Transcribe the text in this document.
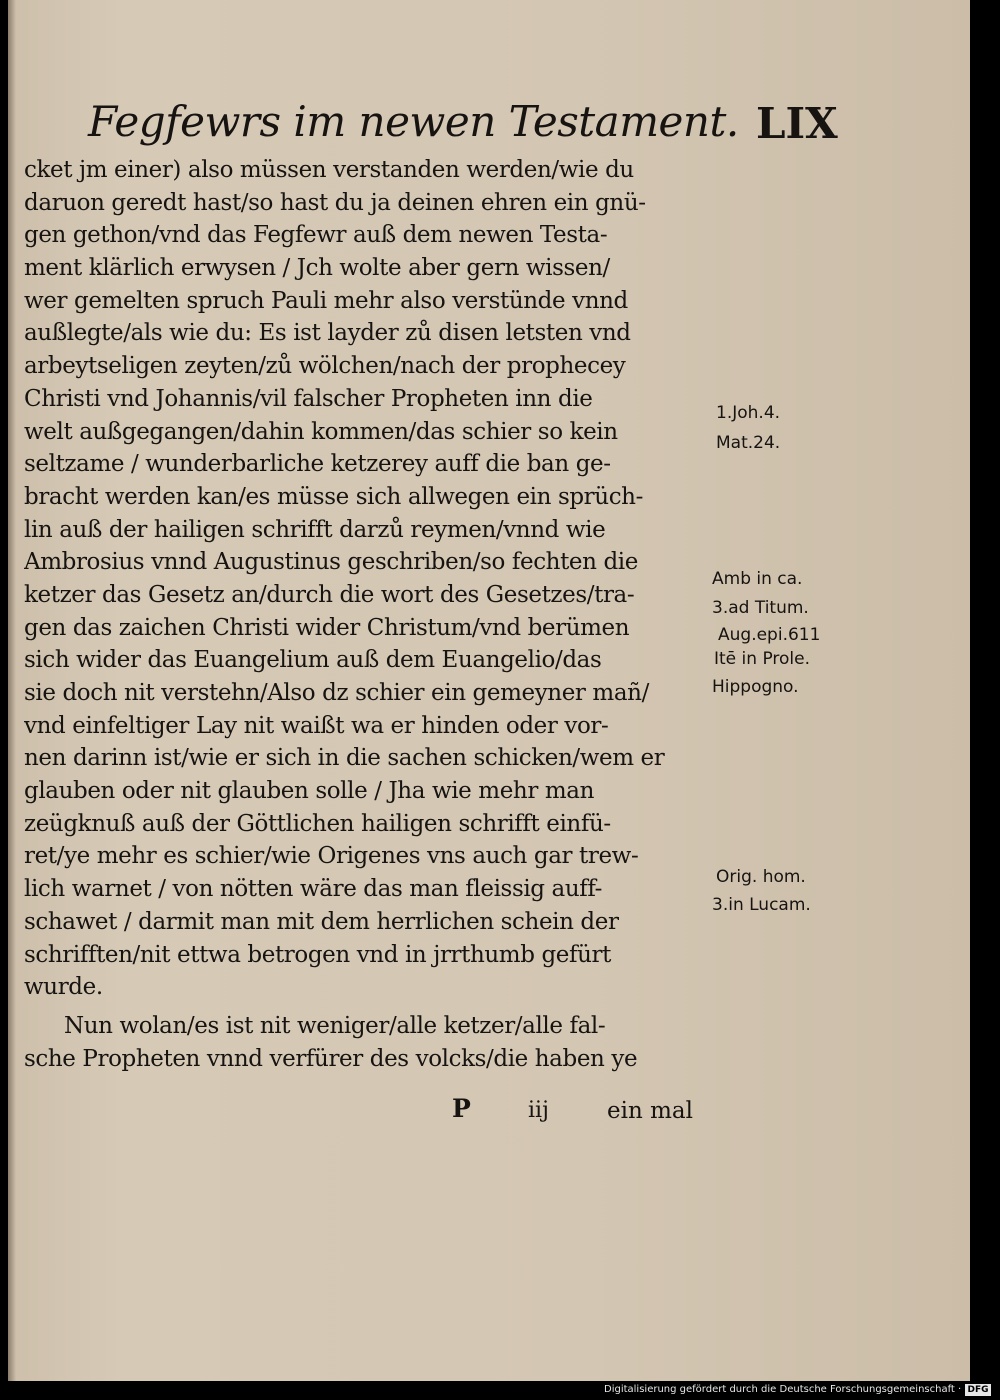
Fegfewrs im newen Testament. LIX
cket jm einer) also müssen verstanden werden/wie du
daruon geredt hast/so hast du ja deinen ehren ein gnü-
gen gethon/vnd das Fegfewr auß dem newen Testa-
ment klärlich erwysen / Jch wolte aber gern wissen/
wer gemelten spruch Pauli mehr also verstünde vnnd
außlegte/als wie du: Es ist layder zů disen letsten vnd
arbeytseligen zeyten/zů wölchen/nach der prophecey
Christi vnd Johannis/vil falscher Propheten inn die
welt außgegangen/dahin kommen/das schier so kein
seltzame / wunderbarliche ketzerey auff die ban ge-
bracht werden kan/es müsse sich allwegen ein sprüch-
lin auß der hailigen schrifft darzů reymen/vnnd wie
Ambrosius vnnd Augustinus geschriben/so fechten die
ketzer das Gesetz an/durch die wort des Gesetzes/tra-
gen das zaichen Christi wider Christum/vnd berümen
sich wider das Euangelium auß dem Euangelio/das
sie doch nit verstehn/Also dz schier ein gemeyner mañ/
vnd einfeltiger Lay nit waißt wa er hinden oder vor-
nen darinn ist/wie er sich in die sachen schicken/wem er
glauben oder nit glauben solle / Jha wie mehr man
zeügknuß auß der Göttlichen hailigen schrifft einfü-
ret/ye mehr es schier/wie Origenes vns auch gar trew-
lich warnet / von nötten wäre das man fleissig auff-
schawet / darmit man mit dem herrlichen schein der
schrifften/nit ettwa betrogen vnd in jrrthumb gefürt
wurde.
Nun wolan/es ist nit weniger/alle ketzer/alle fal-
sche Propheten vnnd verfürer des volcks/die haben ye
P	iij	ein mal
1.Joh.4.
Mat.24.
Amb in ca.
3.ad Titum.
Aug.epi.611
Itē in Prole.
Hippogno.
Orig. hom.
3.in Lucam.
Digitalisierung gefördert durch die Deutsche Forschungsgemeinschaft · DFG
